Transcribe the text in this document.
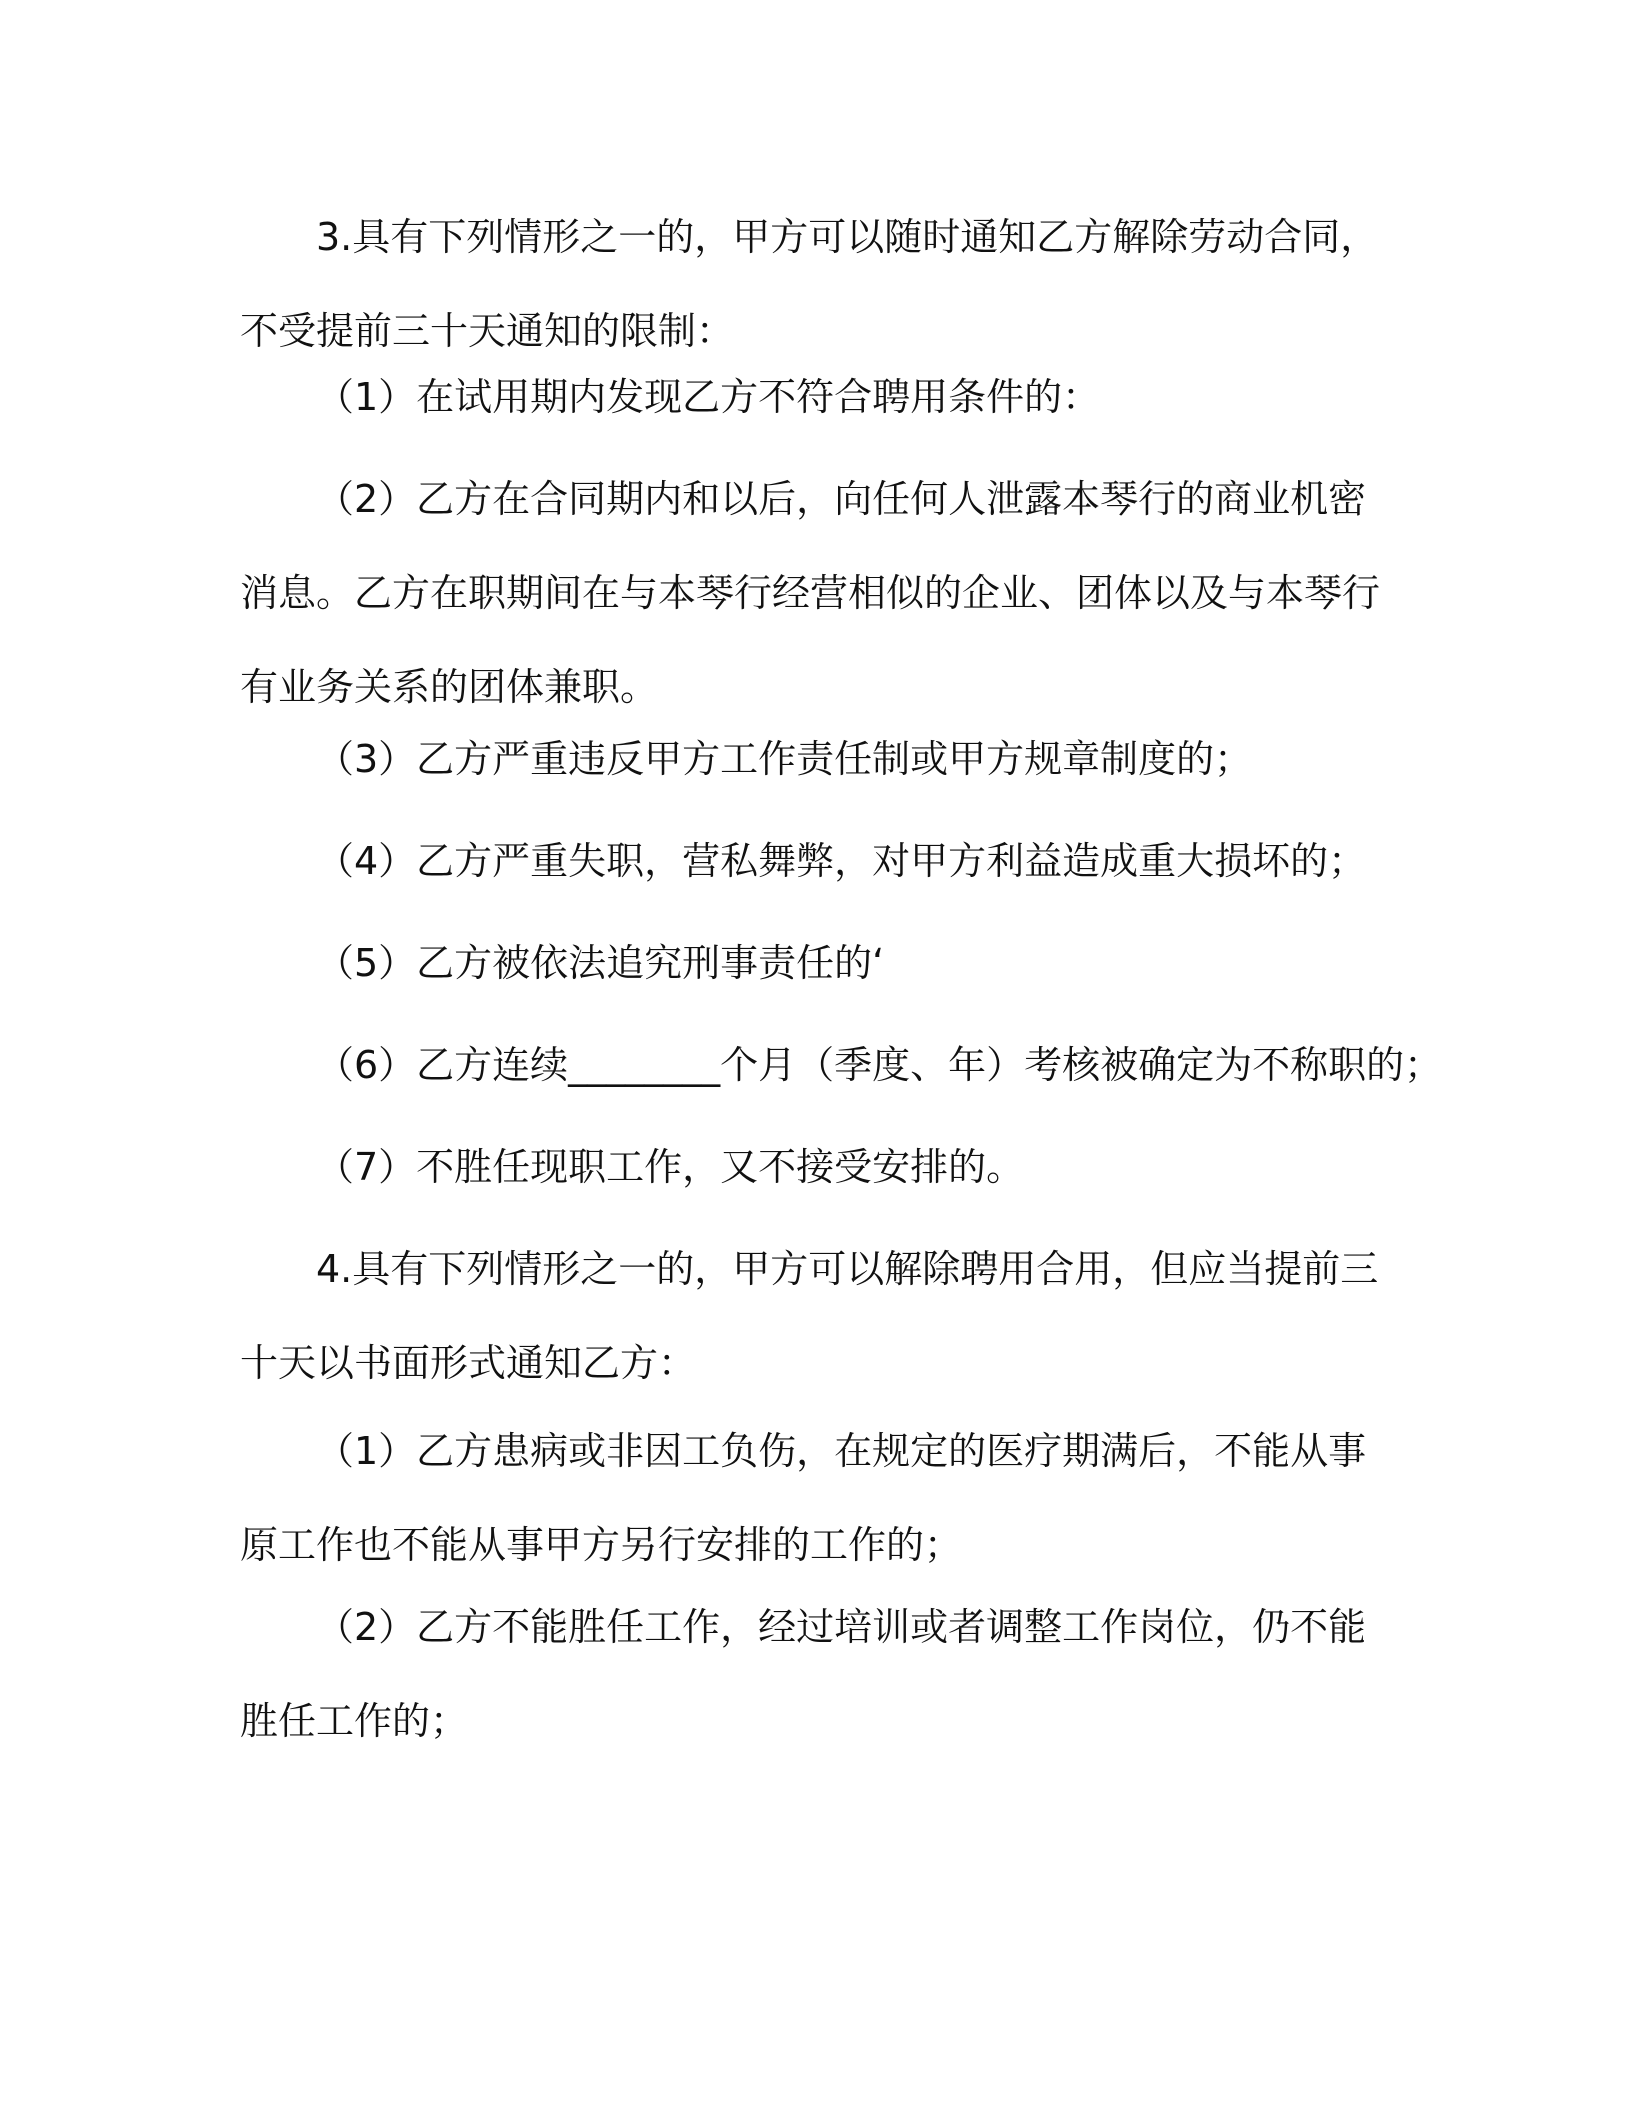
3.具有下列情形之一的，甲方可以随时通知乙方解除劳动合同，不受提前三十天通知的限制：

（1）在试用期内发现乙方不符合聘用条件的：

（2）乙方在合同期内和以后，向任何人泄露本琴行的商业机密消息。乙方在职期间在与本琴行经营相似的企业、团体以及与本琴行有业务关系的团体兼职。

（3）乙方严重违反甲方工作责任制或甲方规章制度的；

（4）乙方严重失职，营私舞弊，对甲方利益造成重大损坏的；

（5）乙方被依法追究刑事责任的‘

（6）乙方连续________个月（季度、年）考核被确定为不称职的；

（7）不胜任现职工作，又不接受安排的。

4.具有下列情形之一的，甲方可以解除聘用合用，但应当提前三十天以书面形式通知乙方：

（1）乙方患病或非因工负伤，在规定的医疗期满后，不能从事原工作也不能从事甲方另行安排的工作的；

（2）乙方不能胜任工作，经过培训或者调整工作岗位，仍不能胜任工作的；
